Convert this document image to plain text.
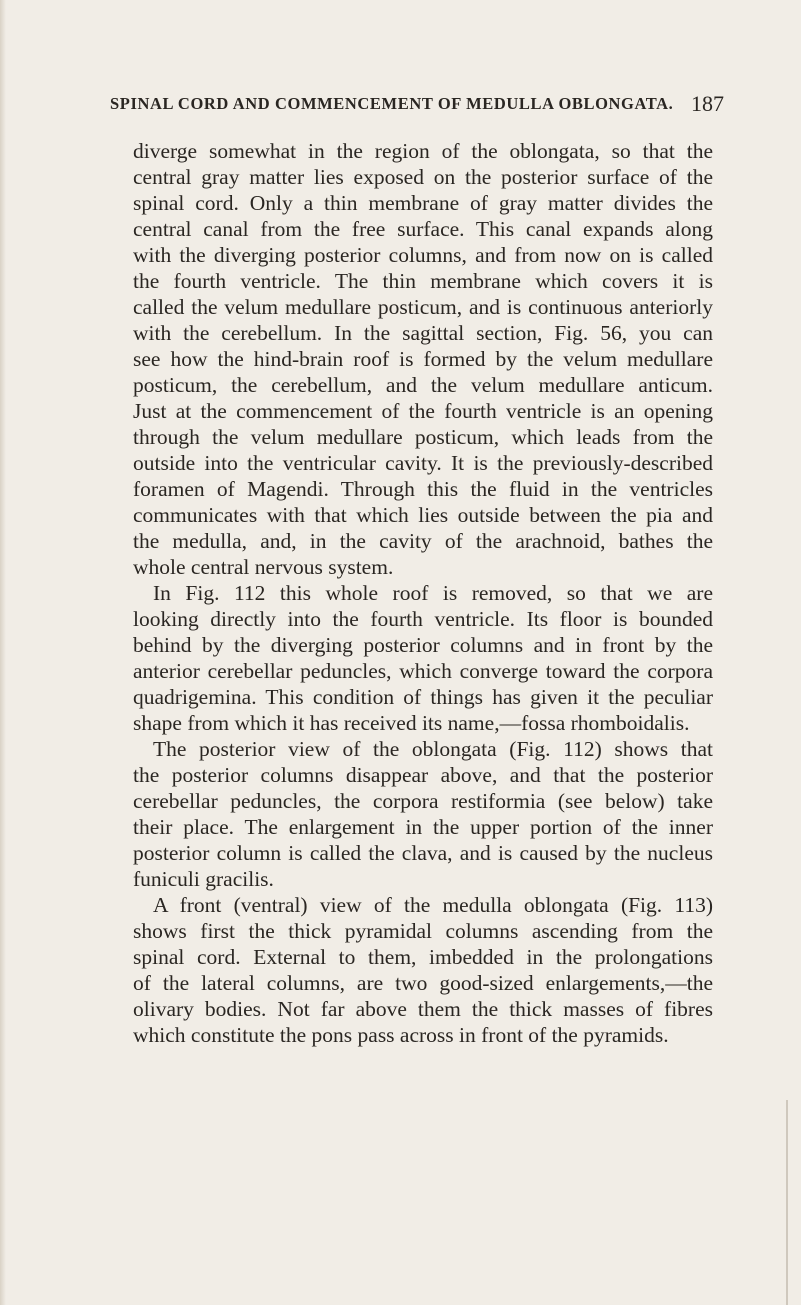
SPINAL CORD AND COMMENCEMENT OF MEDULLA OBLONGATA. 187

diverge somewhat in the region of the oblongata, so that the
central gray matter lies exposed on the posterior surface of the
spinal cord. Only a thin membrane of gray matter divides the
central canal from the free surface. This canal expands along
with the diverging posterior columns, and from now on is called
the fourth ventricle. The thin membrane which covers it is
called the velum medullare posticum, and is continuous anteriorly
with the cerebellum. In the sagittal section, Fig. 56, you can
see how the hind-brain roof is formed by the velum medullare
posticum, the cerebellum, and the velum medullare anticum.
Just at the commencement of the fourth ventricle is an opening
through the velum medullare posticum, which leads from the
outside into the ventricular cavity. It is the previously-described
foramen of Magendi. Through this the fluid in the ventricles
communicates with that which lies outside between the pia and
the medulla, and, in the cavity of the arachnoid, bathes the
whole central nervous system.

In Fig. 112 this whole roof is removed, so that we are
looking directly into the fourth ventricle. Its floor is bounded
behind by the diverging posterior columns and in front by the
anterior cerebellar peduncles, which converge toward the corpora
quadrigemina. This condition of things has given it the peculiar
shape from which it has received its name,—fossa rhomboidalis.

The posterior view of the oblongata (Fig. 112) shows that
the posterior columns disappear above, and that the posterior
cerebellar peduncles, the corpora restiformia (see below) take
their place. The enlargement in the upper portion of the inner
posterior column is called the clava, and is caused by the nucleus
funiculi gracilis.

A front (ventral) view of the medulla oblongata (Fig. 113)
shows first the thick pyramidal columns ascending from the
spinal cord. External to them, imbedded in the prolongations
of the lateral columns, are two good-sized enlargements,—the
olivary bodies. Not far above them the thick masses of fibres
which constitute the pons pass across in front of the pyramids.
